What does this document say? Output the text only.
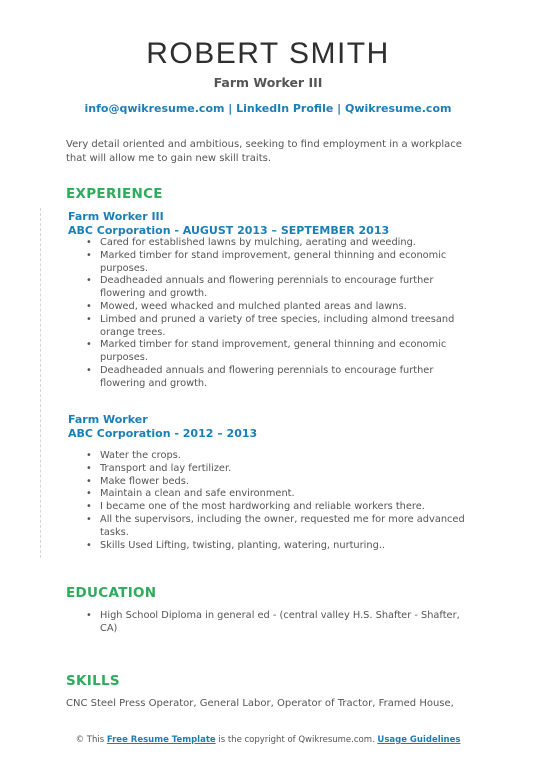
ROBERT SMITH
Farm Worker III
info@qwikresume.com | LinkedIn Profile | Qwikresume.com
Very detail oriented and ambitious, seeking to find employment in a workplace that will allow me to gain new skill traits.
EXPERIENCE
Farm Worker III
ABC Corporation - AUGUST 2013 – SEPTEMBER 2013
• Cared for established lawns by mulching, aerating and weeding.
• Marked timber for stand improvement, general thinning and economic purposes.
• Deadheaded annuals and flowering perennials to encourage further flowering and growth.
• Mowed, weed whacked and mulched planted areas and lawns.
• Limbed and pruned a variety of tree species, including almond treesand orange trees.
• Marked timber for stand improvement, general thinning and economic purposes.
• Deadheaded annuals and flowering perennials to encourage further flowering and growth.
Farm Worker
ABC Corporation - 2012 – 2013
• Water the crops.
• Transport and lay fertilizer.
• Make flower beds.
• Maintain a clean and safe environment.
• I became one of the most hardworking and reliable workers there.
• All the supervisors, including the owner, requested me for more advanced tasks.
• Skills Used Lifting, twisting, planting, watering, nurturing..
EDUCATION
• High School Diploma in general ed - (central valley H.S. Shafter - Shafter, CA)
SKILLS
CNC Steel Press Operator, General Labor, Operator of Tractor, Framed House,
© This Free Resume Template is the copyright of Qwikresume.com. Usage Guidelines
